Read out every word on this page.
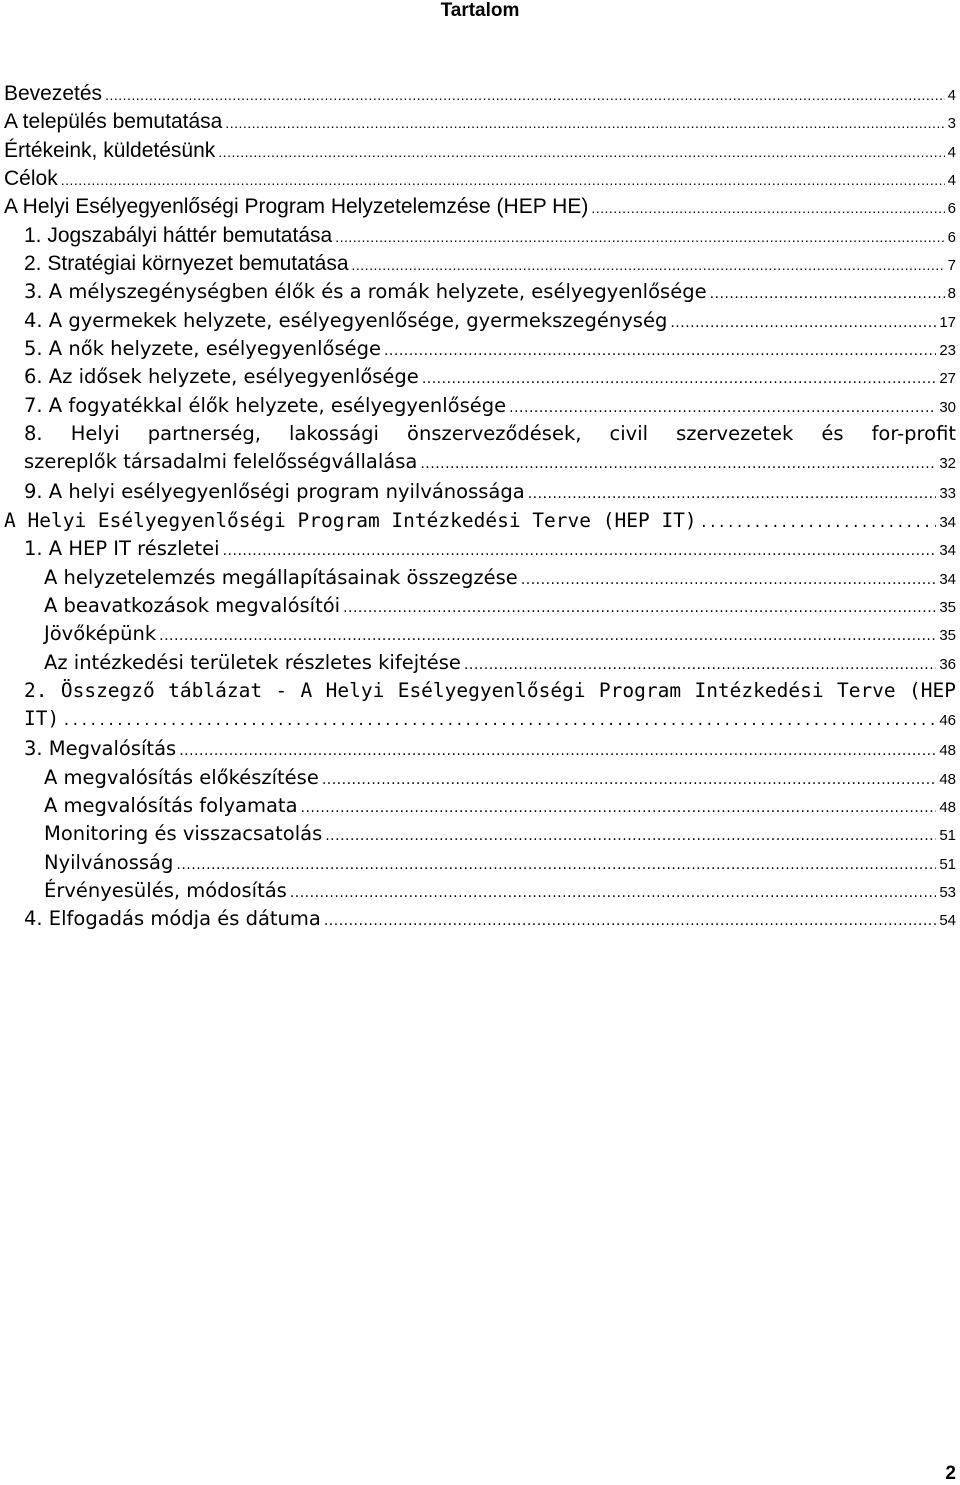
Tartalom
Bevezetés .....	4
A település bemutatása .....	3
Értékeink, küldetésünk .....	4
Célok .....	4
A Helyi Esélyegyenlőségi Program Helyzetelemzése (HEP HE) .....	6
1. Jogszabályi háttér bemutatása .....	6
2. Stratégiai környezet bemutatása .....	7
3. A mélyszegénységben élők és a romák helyzete, esélyegyenlősége .....	8
4. A gyermekek helyzete, esélyegyenlősége, gyermekszegénység .....	17
5. A nők helyzete, esélyegyenlősége .....	23
6. Az idősek helyzete, esélyegyenlősége .....	27
7. A fogyatékkal élők helyzete, esélyegyenlősége .....	30
8. Helyi partnerség, lakossági önszerveződések, civil szervezetek és for-profit
szereplők társadalmi felelősségvállalása .....	32
9. A helyi esélyegyenlőségi program nyilvánossága .....	33
A Helyi Esélyegyenlőségi Program Intézkedési Terve (HEP IT) .....	34
1. A HEP IT részletei .....	34
A helyzetelemzés megállapításainak összegzése .....	34
A beavatkozások megvalósítói .....	35
Jövőképünk .....	35
Az intézkedési területek részletes kifejtése .....	36
2. Összegző táblázat - A Helyi Esélyegyenlőségi Program Intézkedési Terve (HEP
IT) .....	46
3. Megvalósítás .....	48
A megvalósítás előkészítése .....	48
A megvalósítás folyamata .....	48
Monitoring és visszacsatolás .....	51
Nyilvánosság .....	51
Érvényesülés, módosítás .....	53
4. Elfogadás módja és dátuma .....	54
2
